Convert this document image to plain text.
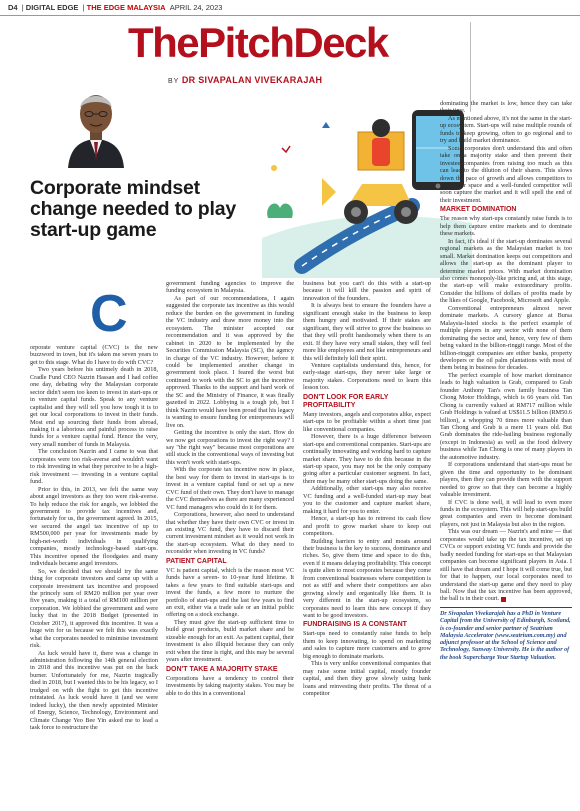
D4  | DIGITAL EDGE  | THE EDGE MALAYSIA APRIL 24, 2023
ThePitchDeck
BY DR SIVAPALAN VIVEKARAJAH
Corporate mindset change needed to play start-up game
C

orporate venture capital (CVC) is the new buzzword in town, but it's taken me seven years to get to this stage. What do I have to do with CVC?

Two years before his untimely death in 2018, Cradle Fund CEO Nazrin Hassan and I had coffee one day, debating why the Malaysian corporate sector didn't seem too keen to invest in start-ups or in venture capital funds. Speak to any venture capitalist and they will tell you how tough it is to get our local corporations to invest in their funds. Most end up sourcing their funds from abroad, making it a laborious and painful process to raise funds for a venture capital fund. Hence the very, very small number of funds in Malaysia.

The conclusion Nazrin and I came to was that corporates were too risk-averse and wouldn't want to risk investing in what they perceive to be a high-risk investment — investing in a venture capital fund.

Prior to this, in 2013, we felt the same way about angel investors as they too were risk-averse. To help reduce the risk for angels, we lobbied the government to provide tax incentives and, fortunately for us, the government agreed. In 2015, we secured the angel tax incentive of up to RM500,000 per year for investments made by high-net-worth individuals in qualifying companies, mostly technology-based start-ups. This incentive opened the floodgates and many individuals became angel investors.

So, we decided that we should try the same thing for corporate investors and came up with a corporate investment tax incentive and proposed the princely sum of RM20 million per year over five years, making it a total of RM100 million per corporation. We lobbied the government and were lucky that in the 2018 Budget (presented in October 2017), it approved this incentive. It was a huge win for us because we felt this was exactly what the corporates needed to minimise investment risk.

As luck would have it, there was a change in administration following the 14th general election in 2018 and this incentive was put on the back burner. Unfortunately for me, Nazrin tragically died in 2018, but I wanted this to be his legacy, so I trudged on with the fight to get this incentive reinstated. As luck would have it (and we were indeed lucky), the then newly appointed Minister of Energy, Science, Technology, Environment and Climate Change Yeo Bee Yin asked me to lead a task force to restructure the

government funding agencies to improve the funding ecosystem in Malaysia.

As part of our recommendations, I again suggested the corporate tax incentive as this would reduce the burden on the government in funding the VC industry and draw more money into the ecosystem. The minister accepted our recommendation and it was approved by the cabinet in 2020 to be implemented by the Securities Commission Malaysia (SC), the agency in charge of the VC industry. However, before it could be implemented another change in government took place. I feared the worst but continued to work with the SC to get the incentive approved. Thanks to the support and hard work of the SC and the Ministry of Finance, it was finally gazetted in 2022. Lobbying is a tough job, but I think Nazrin would have been proud that his legacy is wanting to ensure funding for entrepreneurs will live on.

Getting the incentive is only the start. How do we now get corporations to invest the right way? I say "the right way" because most corporations are still stuck in the conventional ways of investing but this won't work with start-ups.

With the corporate tax incentive now in place, the best way for them to invest in start-ups is to invest in a venture capital fund or set up a new CVC fund of their own. They don't have to manage the CVC themselves as there are many experienced VC fund managers who could do it for them.

Corporations, however, also need to understand that whether they have their own CVC or invest in an existing VC fund, they have to discard their current investment mindset as it would not work in the start-up ecosystem. What do they need to reconsider when investing in VC funds?

PATIENT CAPITAL

VC is patient capital, which is the reason most VC funds have a seven- to 10-year fund lifetime. It takes a few years to find suitable start-ups and invest the funds, a few more to nurture the portfolio of start-ups and the last few years to find an exit, either via a trade sale or an initial public offering on a stock exchange.

They must give the start-up sufficient time to build great products, build market share and be sizeable enough for an exit. As patient capital, their investment is also illiquid because they can only exit when the time is right, and this may be several years after investment.

DON'T TAKE A MAJORITY STAKE

Corporations have a tendency to control their investments by taking majority stakes. You may be able to do this in a conventional

business but you can't do this with a start-up because it will kill the passion and spirit of innovation of the founders.

It is always best to ensure the founders have a significant enough stake in the business to keep them hungry and motivated. If their stakes are significant, they will strive to grow the business so that they will profit handsomely when there is an exit. If they have very small stakes, they will feel more like employees and not like entrepreneurs and this will definitely kill their spirit.

Venture capitalists understand this, hence, for early-stage start-ups, they never take large or majority stakes. Corporations need to learn this lesson too.

DON'T LOOK FOR EARLY PROFITABILITY

Many investors, angels and corporates alike, expect start-ups to be profitable within a short time just like conventional companies.

However, there is a huge difference between start-ups and conventional companies. Start-ups are continually innovating and working hard to capture market share. They have to do this because in the start-up space, you may not be the only company going after a particular customer segment. In fact, there may be many other start-ups doing the same.

Additionally, other start-ups may also receive VC funding and a well-funded start-up may beat you to the customer and capture market share, making it hard for you to enter.

Hence, a start-up has to reinvest its cash flow and profit to grow market share to keep out competitors.

Building barriers to entry and moats around their business is the key to success, dominance and riches. So, give them time and space to do this, even if it means delaying profitability. This concept is quite alien to most corporates because they come from conventional businesses where competition is not as stiff and where their competitors are also growing slowly and organically like them. It is very different in the start-up ecosystem, so corporates need to learn this new concept if they want to be good investors.

FUNDRAISING IS A CONSTANT

Start-ups need to constantly raise funds to help them to keep innovating, to spend on marketing and sales to capture more customers and to grow big enough to dominate markets.

This is very unlike conventional companies that may raise some initial capital, mostly founder capital, and then they grow slowly using bank loans and reinvesting their profits. The threat of a competitor

dominating the market is low, hence they can take their time.

As mentioned above, it's not the same in the start-up ecosystem. Start-ups will raise multiple rounds of funds to keep growing, often to go regional and to try and build market dominance.

Some corporates don't understand this and often take on a majority stake and then prevent their investee companies from raising too much as this can lead to the dilution of their shares. This slows down the pace of growth and allows competitors to enter their space and a well-funded competitor will soon capture the market and it will spell the end of their investment.

MARKET DOMINATION

The reason why start-ups constantly raise funds is to help them capture entire markets and to dominate these markets.

In fact, it's ideal if the start-up dominates several regional markets as the Malaysian market is too small. Market domination keeps out competitors and allows the start-up as the dominant player to determine market prices. With market domination also comes monopoly-like pricing and, at this stage, the start-up will make extraordinary profits. Consider the billions of dollars of profits made by the likes of Google, Facebook, Microsoft and Apple.

Conventional entrepreneurs almost never dominate markets. A cursory glance at Bursa Malaysia-listed stocks is the perfect example of multiple players in any sector with none of them dominating the sector and, hence, very few of them being valued in the billion-ringgit range. Most of the billion-ringgit companies are either banks, property developers or the oil palm plantations with most of them being in business for decades.

The perfect example of how market dominance leads to high valuation is Grab, compared to Grab founder Anthony Tan's own family business Tan Chong Motor Holdings, which is 66 years old. Tan Chong is currently valued at RM717 million while Grab Holdings is valued at US$11.5 billion (RM50.6 billion), a whopping 70 times more valuable than Tan Chong and Grab is a mere 11 years old. But Grab dominates the ride-hailing business regionally (except in Indonesia) as well as the food delivery business while Tan Chong is one of many players in the automotive industry.

If corporations understand that start-ups must be given the time and opportunity to be dominant players, then they can provide them with the support needed to grow so that they can become a highly valuable investment.

If CVC is done well, it will lead to even more funds in the ecosystem. This will help start-ups build great companies and even to become dominant players, not just in Malaysia but also in the region.

This was our dream — Nazrin's and mine — that corporates would take up the tax incentive, set up CVCs or support existing VC funds and provide the badly needed funding for start-ups so that Malaysian companies can become significant players in Asia. I still have that dream and I hope it will come true, but for that to happen, our local corporates need to understand the start-up game and they need to play ball. Now that the tax incentive has been approved, the ball is in their court.

Dr Sivapalan Vivekarajah has a PhD in Venture Capital from the University of Edinburgh, Scotland, is co-founder and senior partner of Seatrium Malaysia Accelerator (www.seatrium.com.my) and adjunct professor at the School of Science and Technology, Sunway University. He is the author of the book Supercharge Your Startup Valuation.
